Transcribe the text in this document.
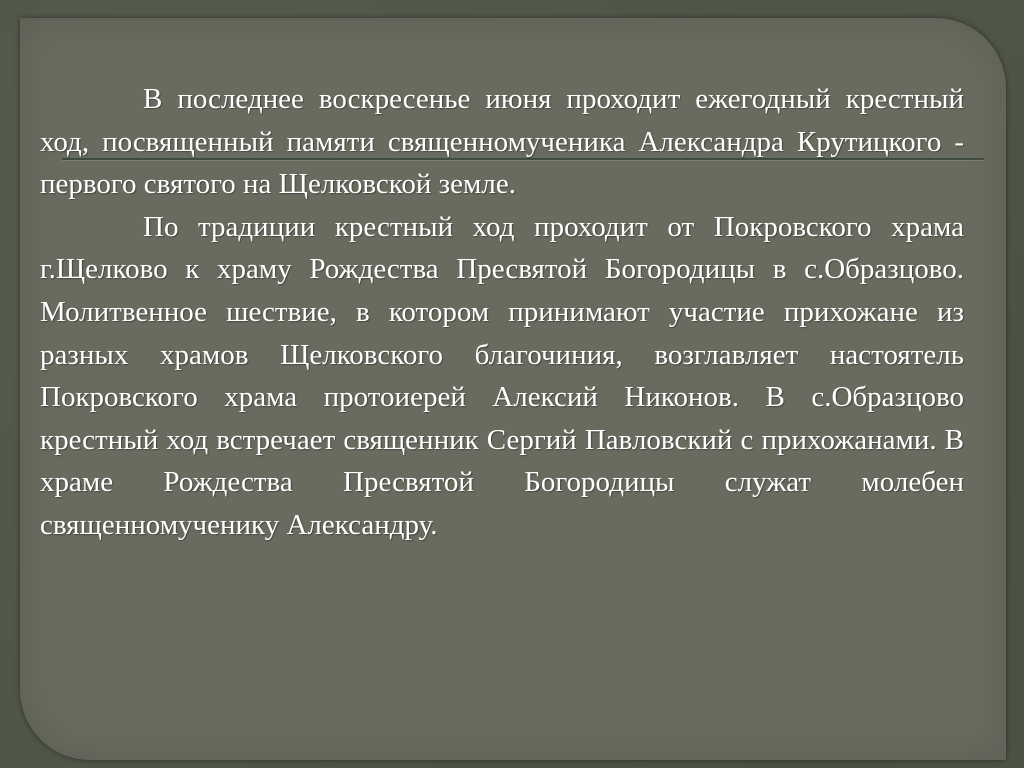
В последнее воскресенье июня проходит ежегодный крестный ход, посвященный памяти священномученика Александра Крутицкого - первого святого на Щелковской земле.

По традиции крестный ход проходит от Покровского храма г.Щелково к храму Рождества Пресвятой Богородицы в с.Образцово. Молитвенное шествие, в котором принимают участие прихожане из разных храмов Щелковского благочиния, возглавляет настоятель Покровского храма протоиерей Алексий Никонов. В с.Образцово крестный ход встречает священник Сергий Павловский с прихожанами. В храме Рождества Пресвятой Богородицы служат молебен священномученику Александру.
